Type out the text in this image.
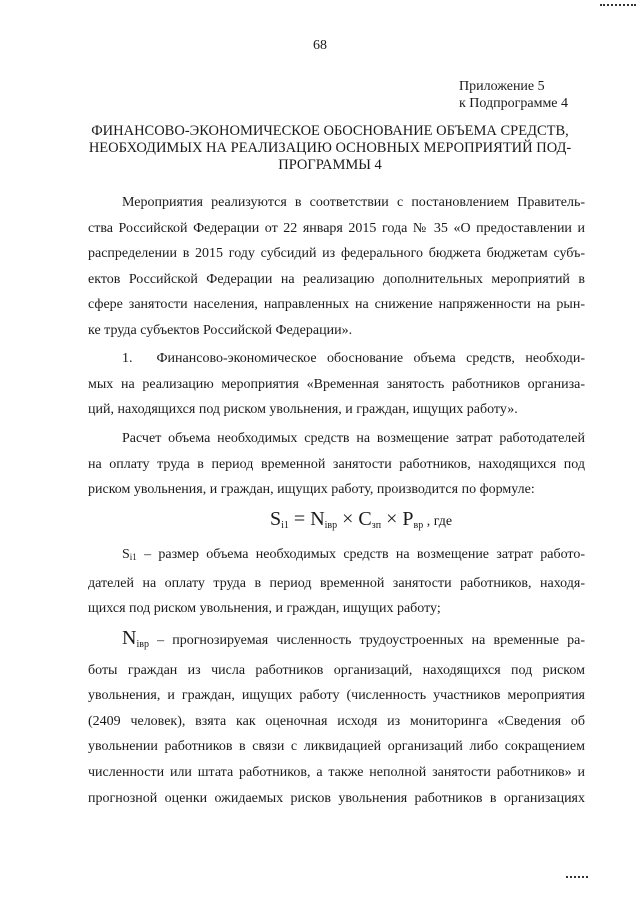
68
Приложение 5
к Подпрограмме 4
ФИНАНСОВО-ЭКОНОМИЧЕСКОЕ ОБОСНОВАНИЕ ОБЪЕМА СРЕДСТВ,
НЕОБХОДИМЫХ НА РЕАЛИЗАЦИЮ ОСНОВНЫХ МЕРОПРИЯТИЙ ПОД-
ПРОГРАММЫ 4

Мероприятия реализуются в соответствии с постановлением Правитель-
ства Российской Федерации от 22 января 2015 года № 35 «О предоставлении и
распределении в 2015 году субсидий из федерального бюджета бюджетам субъ-
ектов Российской Федерации на реализацию дополнительных мероприятий в
сфере занятости населения, направленных на снижение напряженности на рын-
ке труда субъектов Российской Федерации».

1. Финансово-экономическое обоснование объема средств, необходи-
мых на реализацию мероприятия «Временная занятость работников организа-
ций, находящихся под риском увольнения, и граждан, ищущих работу».

Расчет объема необходимых средств на возмещение затрат работодателей
на оплату труда в период временной занятости работников, находящихся под
риском увольнения, и граждан, ищущих работу, производится по формуле:

$S_{i1} = N_{iвр} \times C_{зп} \times P_{вр}$ , где

$S_{i1}$ – размер объема необходимых средств на возмещение затрат работо-
дателей на оплату труда в период временной занятости работников, находя-
щихся под риском увольнения, и граждан, ищущих работу;

$N_{iвр}$ – прогнозируемая численность трудоустроенных на временные ра-
боты граждан из числа работников организаций, находящихся под риском
увольнения, и граждан, ищущих работу (численность участников мероприятия
(2409 человек), взята как оценочная исходя из мониторинга «Сведения об
увольнении работников в связи с ликвидацией организаций либо сокращением
численности или штата работников, а также неполной занятости работников» и
прогнозной оценки ожидаемых рисков увольнения работников в организациях
